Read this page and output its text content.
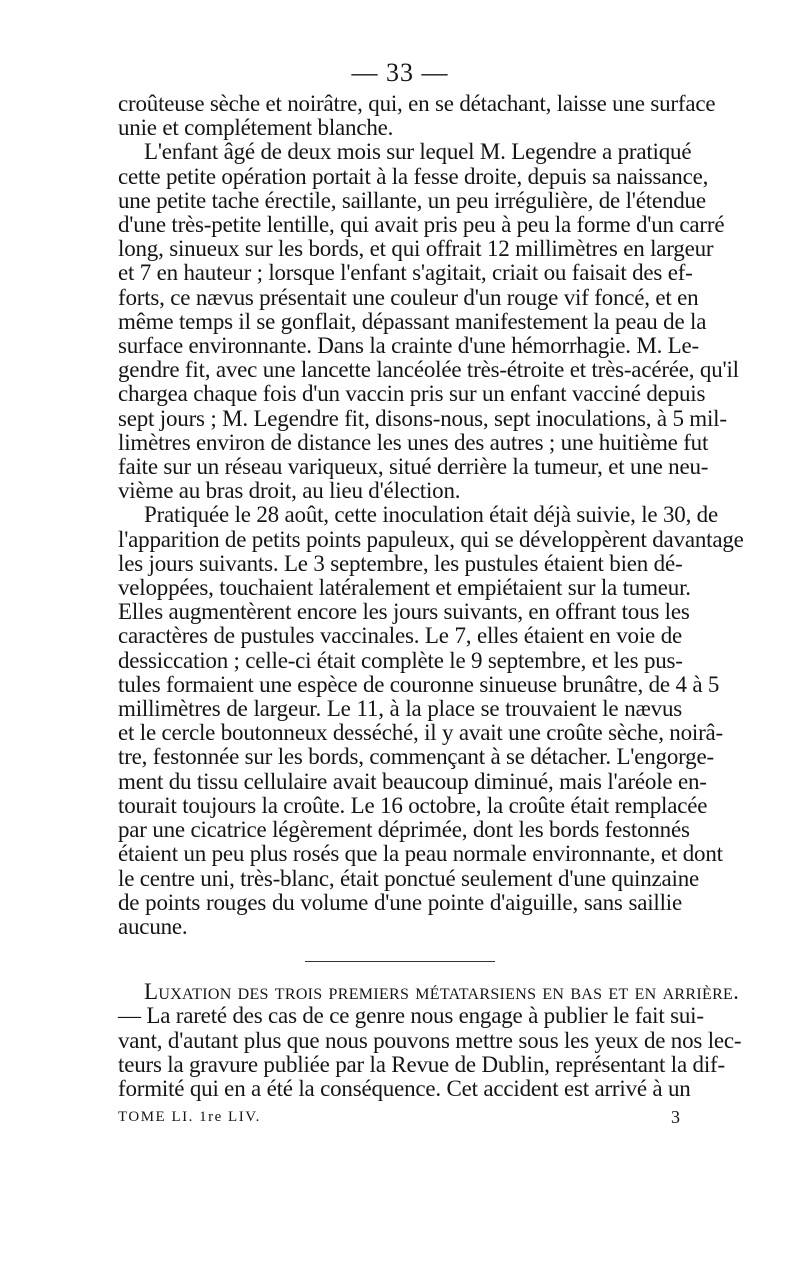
— 33 —
croûteuse sèche et noirâtre, qui, en se détachant, laisse une surface
unie et complétement blanche.
L'enfant âgé de deux mois sur lequel M. Legendre a pratiqué
cette petite opération portait à la fesse droite, depuis sa naissance,
une petite tache érectile, saillante, un peu irrégulière, de l'étendue
d'une très-petite lentille, qui avait pris peu à peu la forme d'un carré
long, sinueux sur les bords, et qui offrait 12 millimètres en largeur
et 7 en hauteur ; lorsque l'enfant s'agitait, criait ou faisait des ef-
forts, ce nævus présentait une couleur d'un rouge vif foncé, et en
même temps il se gonflait, dépassant manifestement la peau de la
surface environnante. Dans la crainte d'une hémorrhagie. M. Le-
gendre fit, avec une lancette lancéolée très-étroite et très-acérée, qu'il
chargea chaque fois d'un vaccin pris sur un enfant vacciné depuis
sept jours ; M. Legendre fit, disons-nous, sept inoculations, à 5 mil-
limètres environ de distance les unes des autres ; une huitième fut
faite sur un réseau variqueux, situé derrière la tumeur, et une neu-
vième au bras droit, au lieu d'élection.
Pratiquée le 28 août, cette inoculation était déjà suivie, le 30, de
l'apparition de petits points papuleux, qui se développèrent davantage
les jours suivants. Le 3 septembre, les pustules étaient bien dé-
veloppées, touchaient latéralement et empiétaient sur la tumeur.
Elles augmentèrent encore les jours suivants, en offrant tous les
caractères de pustules vaccinales. Le 7, elles étaient en voie de
dessiccation ; celle-ci était complète le 9 septembre, et les pus-
tules formaient une espèce de couronne sinueuse brunâtre, de 4 à 5
millimètres de largeur. Le 11, à la place se trouvaient le nævus
et le cercle boutonneux desséché, il y avait une croûte sèche, noirâ-
tre, festonnée sur les bords, commençant à se détacher. L'engorge-
ment du tissu cellulaire avait beaucoup diminué, mais l'aréole en-
tourait toujours la croûte. Le 16 octobre, la croûte était remplacée
par une cicatrice légèrement déprimée, dont les bords festonnés
étaient un peu plus rosés que la peau normale environnante, et dont
le centre uni, très-blanc, était ponctué seulement d'une quinzaine
de points rouges du volume d'une pointe d'aiguille, sans saillie
aucune.
Luxation des trois premiers métatarsiens en bas et en arrière.
— La rareté des cas de ce genre nous engage à publier le fait sui-
vant, d'autant plus que nous pouvons mettre sous les yeux de nos lec-
teurs la gravure publiée par la Revue de Dublin, représentant la dif-
formité qui en a été la conséquence. Cet accident est arrivé à un
TOME LI. 1re LIV.	3
